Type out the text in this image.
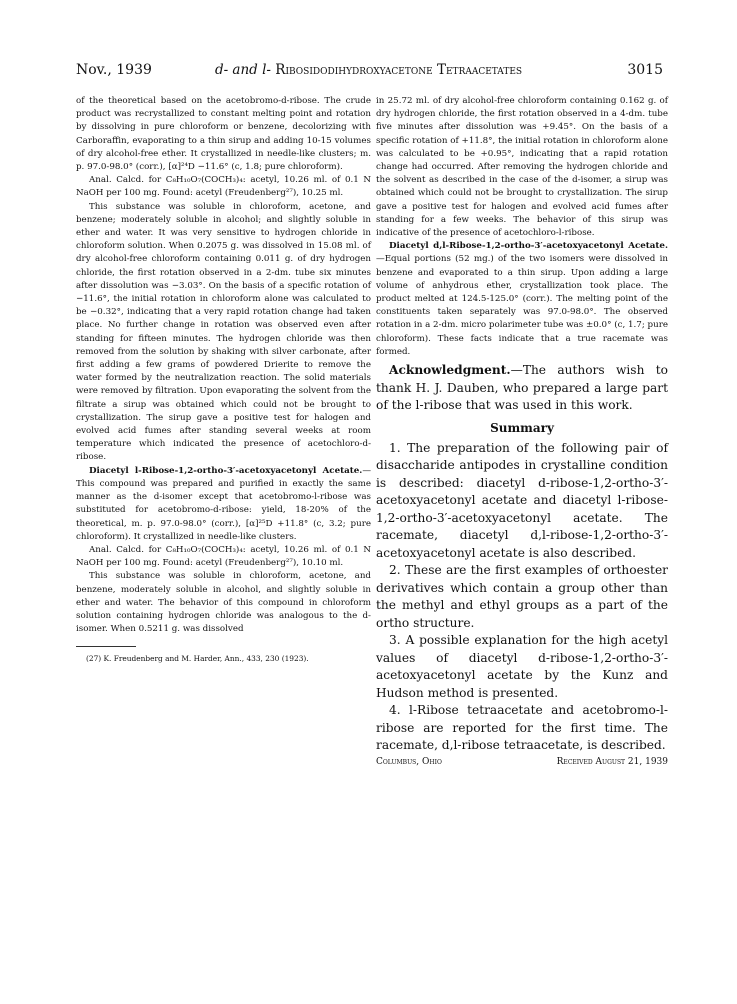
Nov., 1939	d- and l- Ribosidodihydroxyacetone Tetraacetates	3015

of the theoretical based on the acetobromo-d-ribose. The crude product was recrystallized to constant melting point and rotation by dissolving in pure chloroform or benzene, decolorizing with Carboraffin, evaporating to a thin sirup and adding 10-15 volumes of dry alcohol-free ether. It crystallized in needle-like clusters; m. p. 97.0-98.0° (corr.), [α]²⁴D −11.6° (c, 1.8; pure chloroform).

Anal. Calcd. for C₈H₁₀O₇(COCH₃)₄: acetyl, 10.26 ml. of 0.1 N NaOH per 100 mg. Found: acetyl (Freudenberg²⁷), 10.25 ml.

This substance was soluble in chloroform, acetone, and benzene; moderately soluble in alcohol; and slightly soluble in ether and water. It was very sensitive to hydrogen chloride in chloroform solution. When 0.2075 g. was dissolved in 15.08 ml. of dry alcohol-free chloroform containing 0.011 g. of dry hydrogen chloride, the first rotation observed in a 2-dm. tube six minutes after dissolution was −3.03°. On the basis of a specific rotation of −11.6°, the initial rotation in chloroform alone was calculated to be −0.32°, indicating that a very rapid rotation change had taken place. No further change in rotation was observed even after standing for fifteen minutes. The hydrogen chloride was then removed from the solution by shaking with silver carbonate, after first adding a few grams of powdered Drierite to remove the water formed by the neutralization reaction. The solid materials were removed by filtration. Upon evaporating the solvent from the filtrate a sirup was obtained which could not be brought to crystallization. The sirup gave a positive test for halogen and evolved acid fumes after standing several weeks at room temperature which indicated the presence of acetochloro-d-ribose.

Diacetyl l-Ribose-1,2-ortho-3′-acetoxyacetonyl Acetate.—This compound was prepared and purified in exactly the same manner as the d-isomer except that acetobromo-l-ribose was substituted for acetobromo-d-ribose: yield, 18-20% of the theoretical, m. p. 97.0-98.0° (corr.), [α]²⁵D +11.8° (c, 3.2; pure chloroform). It crystallized in needle-like clusters.

Anal. Calcd. for C₈H₁₀O₇(COCH₃)₄: acetyl, 10.26 ml. of 0.1 N NaOH per 100 mg. Found: acetyl (Freudenberg²⁷), 10.10 ml.

This substance was soluble in chloroform, acetone, and benzene, moderately soluble in alcohol, and slightly soluble in ether and water. The behavior of this compound in chloroform solution containing hydrogen chloride was analogous to the d-isomer. When 0.5211 g. was dissolved

(27) K. Freudenberg and M. Harder, Ann., 433, 230 (1923).

in 25.72 ml. of dry alcohol-free chloroform containing 0.162 g. of dry hydrogen chloride, the first rotation observed in a 4-dm. tube five minutes after dissolution was +9.45°. On the basis of a specific rotation of +11.8°, the initial rotation in chloroform alone was calculated to be +0.95°, indicating that a rapid rotation change had occurred. After removing the hydrogen chloride and the solvent as described in the case of the d-isomer, a sirup was obtained which could not be brought to crystallization. The sirup gave a positive test for halogen and evolved acid fumes after standing for a few weeks. The behavior of this sirup was indicative of the presence of acetochloro-l-ribose.

Diacetyl d,l-Ribose-1,2-ortho-3′-acetoxyacetonyl Acetate.—Equal portions (52 mg.) of the two isomers were dissolved in benzene and evaporated to a thin sirup. Upon adding a large volume of anhydrous ether, crystallization took place. The product melted at 124.5-125.0° (corr.). The melting point of the constituents taken separately was 97.0-98.0°. The observed rotation in a 2-dm. micro polarimeter tube was ±0.0° (c, 1.7; pure chloroform). These facts indicate that a true racemate was formed.

Acknowledgment.—The authors wish to thank H. J. Dauben, who prepared a large part of the l-ribose that was used in this work.

Summary

1. The preparation of the following pair of disaccharide antipodes in crystalline condition is described: diacetyl d-ribose-1,2-ortho-3′-acetoxyacetonyl acetate and diacetyl l-ribose-1,2-ortho-3′-acetoxyacetonyl acetate. The racemate, diacetyl d,l-ribose-1,2-ortho-3′-acetoxyacetonyl acetate is also described.

2. These are the first examples of orthoester derivatives which contain a group other than the methyl and ethyl groups as a part of the ortho structure.

3. A possible explanation for the high acetyl values of diacetyl d-ribose-1,2-ortho-3′-acetoxyacetonyl acetate by the Kunz and Hudson method is presented.

4. l-Ribose tetraacetate and acetobromo-l-ribose are reported for the first time. The racemate, d,l-ribose tetraacetate, is described.

Columbus, Ohio	Received August 21, 1939
